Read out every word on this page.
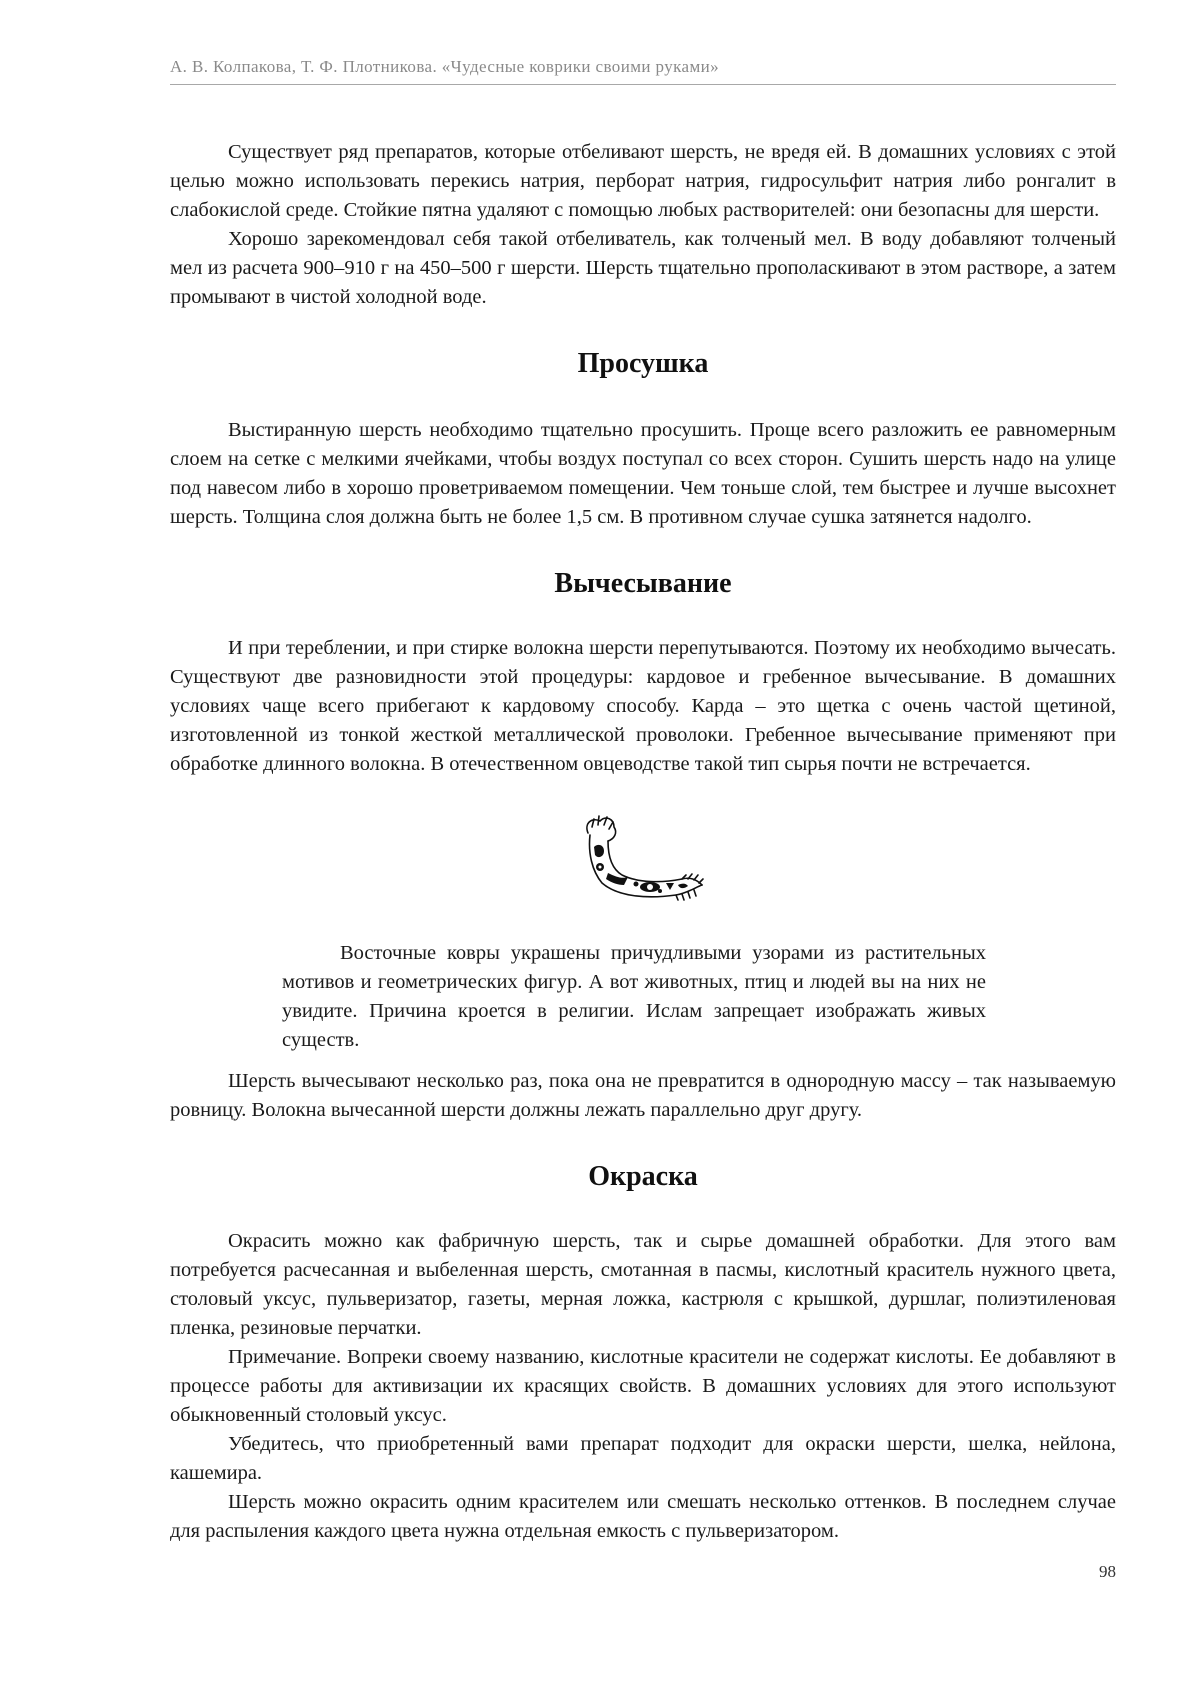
А. В. Колпакова, Т. Ф. Плотникова. «Чудесные коврики своими руками»

Существует ряд препаратов, которые отбеливают шерсть, не вредя ей. В домашних условиях с этой целью можно использовать перекись натрия, перборат натрия, гидросульфит натрия либо ронгалит в слабокислой среде. Стойкие пятна удаляют с помощью любых растворителей: они безопасны для шерсти.

Хорошо зарекомендовал себя такой отбеливатель, как толченый мел. В воду добавляют толченый мел из расчета 900–910 г на 450–500 г шерсти. Шерсть тщательно прополаскивают в этом растворе, а затем промывают в чистой холодной воде.

Просушка

Выстиранную шерсть необходимо тщательно просушить. Проще всего разложить ее равномерным слоем на сетке с мелкими ячейками, чтобы воздух поступал со всех сторон. Сушить шерсть надо на улице под навесом либо в хорошо проветриваемом помещении. Чем тоньше слой, тем быстрее и лучше высохнет шерсть. Толщина слоя должна быть не более 1,5 см. В противном случае сушка затянется надолго.

Вычесывание

И при тереблении, и при стирке волокна шерсти перепутываются. Поэтому их необходимо вычесать. Существуют две разновидности этой процедуры: кардовое и гребенное вычесывание. В домашних условиях чаще всего прибегают к кардовому способу. Карда – это щетка с очень частой щетиной, изготовленной из тонкой жесткой металлической проволоки. Гребенное вычесывание применяют при обработке длинного волокна. В отечественном овцеводстве такой тип сырья почти не встречается.

Восточные ковры украшены причудливыми узорами из растительных мотивов и геометрических фигур. А вот животных, птиц и людей вы на них не увидите. Причина кроется в религии. Ислам запрещает изображать живых существ.

Шерсть вычесывают несколько раз, пока она не превратится в однородную массу – так называемую ровницу. Волокна вычесанной шерсти должны лежать параллельно друг другу.

Окраска

Окрасить можно как фабричную шерсть, так и сырье домашней обработки. Для этого вам потребуется расчесанная и выбеленная шерсть, смотанная в пасмы, кислотный краситель нужного цвета, столовый уксус, пульверизатор, газеты, мерная ложка, кастрюля с крышкой, дуршлаг, полиэтиленовая пленка, резиновые перчатки.

Примечание. Вопреки своему названию, кислотные красители не содержат кислоты. Ее добавляют в процессе работы для активизации их красящих свойств. В домашних условиях для этого используют обыкновенный столовый уксус.

Убедитесь, что приобретенный вами препарат подходит для окраски шерсти, шелка, нейлона, кашемира.

Шерсть можно окрасить одним красителем или смешать несколько оттенков. В последнем случае для распыления каждого цвета нужна отдельная емкость с пульверизатором.

98
